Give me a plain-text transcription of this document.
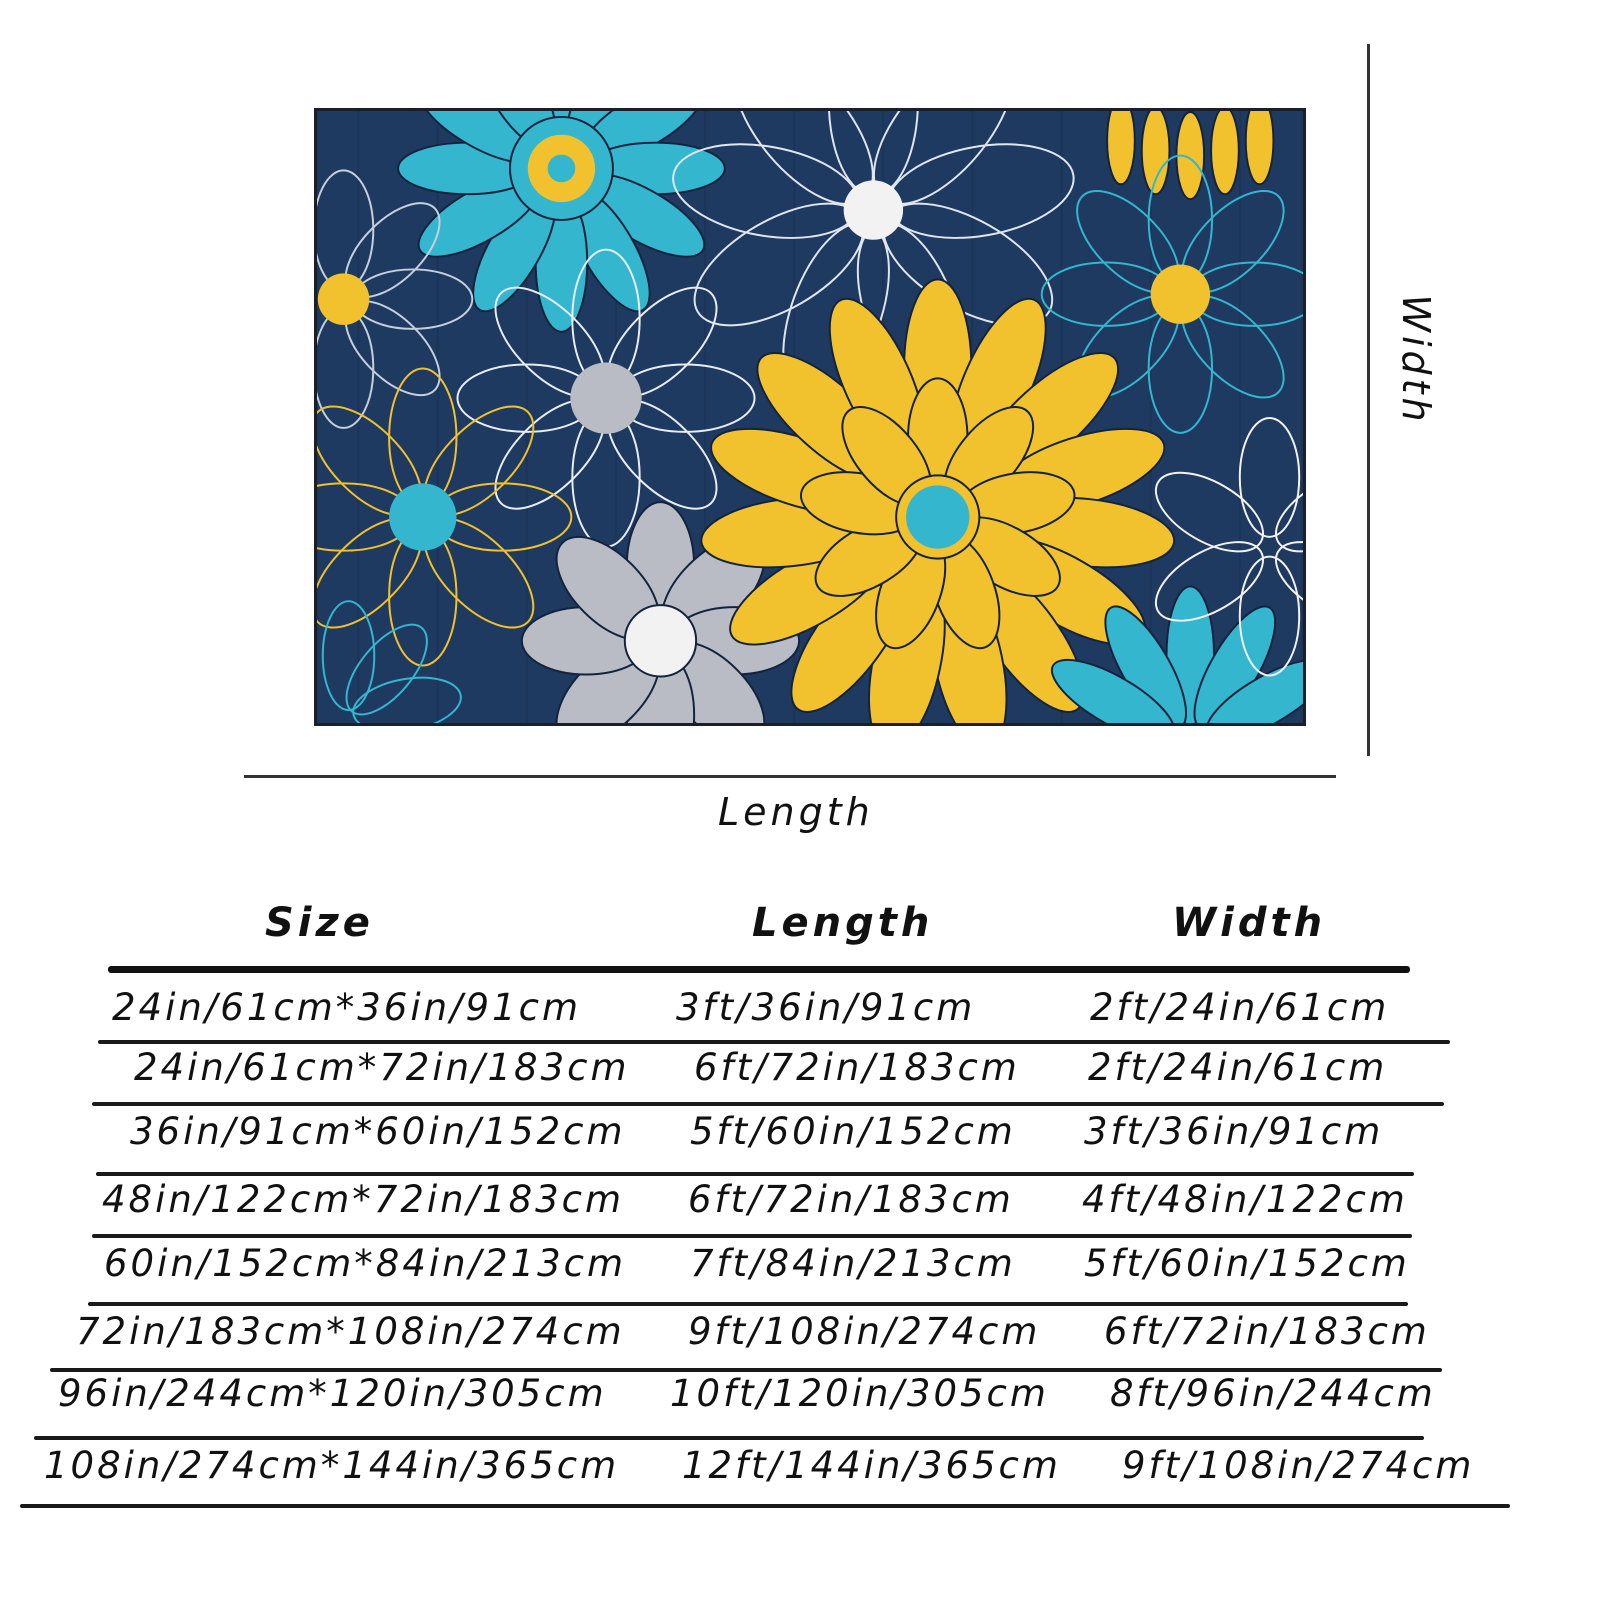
Length
Width
Size	Length	Width
24in/61cm*36in/91cm	3ft/36in/91cm	2ft/24in/61cm
24in/61cm*72in/183cm 6ft/72in/183cm 2ft/24in/61cm
36in/91cm*60in/152cm 5ft/60in/152cm 3ft/36in/91cm
48in/122cm*72in/183cm 6ft/72in/183cm 4ft/48in/122cm
60in/152cm*84in/213cm 7ft/84in/213cm 5ft/60in/152cm
72in/183cm*108in/274cm 9ft/108in/274cm 6ft/72in/183cm
96in/244cm*120in/305cm 10ft/120in/305cm 8ft/96in/244cm
108in/274cm*144in/365cm 12ft/144in/365cm 9ft/108in/274cm
